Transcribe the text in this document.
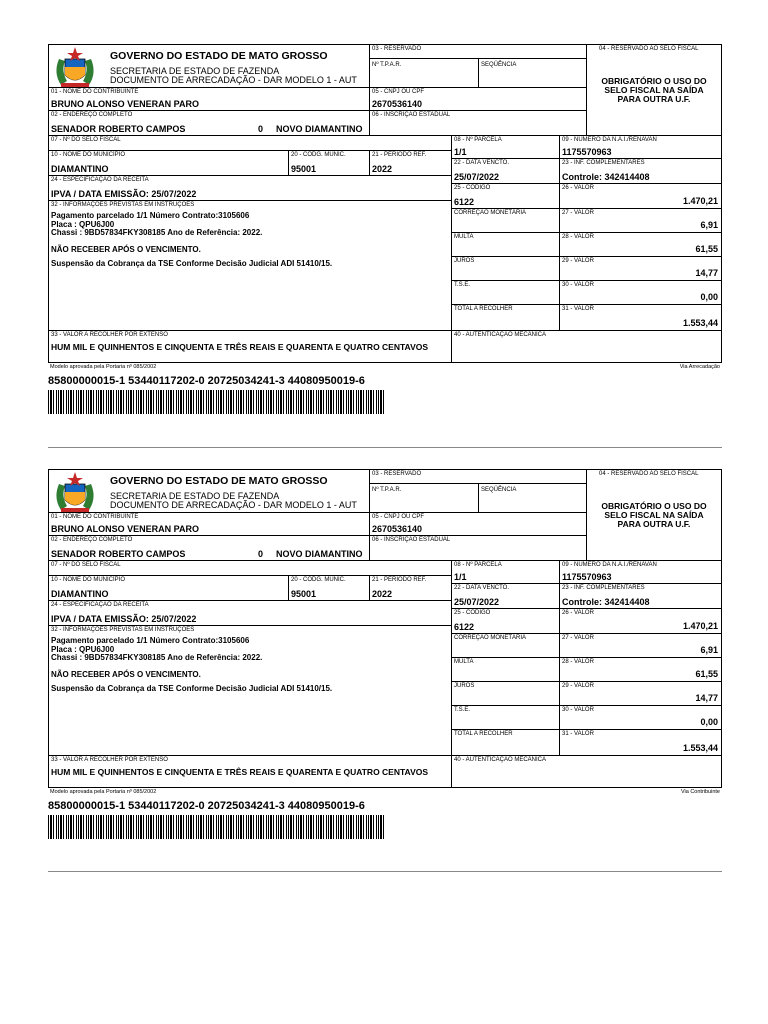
GOVERNO DO ESTADO DE MATO GROSSO
SECRETARIA DE ESTADO DE FAZENDA
DOCUMENTO DE ARRECADAÇÃO - DAR MODELO 1 - AUT
03 - RESERVADO
Nº T.P.A.R.	SEQÜÊNCIA
04 - RESERVADO AO SELO FISCAL
OBRIGATÓRIO O USO DO
SELO FISCAL NA SAÍDA
PARA OUTRA U.F.
01 - NOME DO CONTRIBUINTE
BRUNO ALONSO VENERAN PARO
05 - CNPJ OU CPF
2670536140
02 - ENDEREÇO COMPLETO
SENADOR ROBERTO CAMPOS	0 NOVO DIAMANTINO
06 - INSCRIÇÃO ESTADUAL
07 - Nº DO SELO FISCAL	08 - Nº PARCELA
1/1
09 - NÚMERO DA N.A.I./RENAVAN
1175570963
10 - NOME DO MUNICÍPIO
DIAMANTINO
20 - CODG. MUNIC.
95001
21 - PERIODO REF.
2022
22 - DATA VENCTO.
25/07/2022
23 - INF. COMPLEMENTARES
Controle: 342414408
24 - ESPECIFICAÇÃO DA RECEITA
IPVA / DATA EMISSÃO: 25/07/2022
25 - CODIGO
6122
26 - VALOR
1.470,21
32 - INFORMAÇÕES PREVISTAS EM INSTRUÇÕES
Pagamento parcelado 1/1 Número Contrato:3105606
Placa : QPU6J00
Chassi : 9BD57834FKY308185 Ano de Referência: 2022.
NÃO RECEBER APÓS O VENCIMENTO.
Suspensão da Cobrança da TSE Conforme Decisão Judicial ADI 51410/15.
CORREÇÃO MONETÁRIA	27 - VALOR
6,91
MULTA	28 - VALOR
61,55
JUROS	29 - VALOR
14,77
T.S.E.	30 - VALOR
0,00
TOTAL A RECOLHER	31 - VALOR
1.553,44
33 - VALOR A RECOLHER POR EXTENSO
HUM MIL E QUINHENTOS E CINQUENTA E TRÊS REAIS E QUARENTA E QUATRO CENTAVOS
40 - AUTENTICAÇÃO MECÂNICA
Modelo aprovada pela Portaria nº 085/2002	Via Arrecadação
85800000015-1 53440117202-0 20725034241-3 44080950019-6
GOVERNO DO ESTADO DE MATO GROSSO
SECRETARIA DE ESTADO DE FAZENDA
DOCUMENTO DE ARRECADAÇÃO - DAR MODELO 1 - AUT
03 - RESERVADO
Nº T.P.A.R.	SEQÜÊNCIA
04 - RESERVADO AO SELO FISCAL
OBRIGATÓRIO O USO DO
SELO FISCAL NA SAÍDA
PARA OUTRA U.F.
01 - NOME DO CONTRIBUINTE
BRUNO ALONSO VENERAN PARO
05 - CNPJ OU CPF
2670536140
02 - ENDEREÇO COMPLETO
SENADOR ROBERTO CAMPOS	0 NOVO DIAMANTINO
06 - INSCRIÇÃO ESTADUAL
07 - Nº DO SELO FISCAL	08 - Nº PARCELA
1/1
09 - NÚMERO DA N.A.I./RENAVAN
1175570963
10 - NOME DO MUNICÍPIO
DIAMANTINO
20 - CODG. MUNIC.
95001
21 - PERIODO REF.
2022
22 - DATA VENCTO.
25/07/2022
23 - INF. COMPLEMENTARES
Controle: 342414408
24 - ESPECIFICAÇÃO DA RECEITA
IPVA / DATA EMISSÃO: 25/07/2022
25 - CODIGO
6122
26 - VALOR
1.470,21
32 - INFORMAÇÕES PREVISTAS EM INSTRUÇÕES
Pagamento parcelado 1/1 Número Contrato:3105606
Placa : QPU6J00
Chassi : 9BD57834FKY308185 Ano de Referência: 2022.
NÃO RECEBER APÓS O VENCIMENTO.
Suspensão da Cobrança da TSE Conforme Decisão Judicial ADI 51410/15.
CORREÇÃO MONETÁRIA	27 - VALOR
6,91
MULTA	28 - VALOR
61,55
JUROS	29 - VALOR
14,77
T.S.E.	30 - VALOR
0,00
TOTAL A RECOLHER	31 - VALOR
1.553,44
33 - VALOR A RECOLHER POR EXTENSO
HUM MIL E QUINHENTOS E CINQUENTA E TRÊS REAIS E QUARENTA E QUATRO CENTAVOS
40 - AUTENTICAÇÃO MECÂNICA
Modelo aprovada pela Portaria nº 085/2002	Via Contribuinte
85800000015-1 53440117202-0 20725034241-3 44080950019-6
